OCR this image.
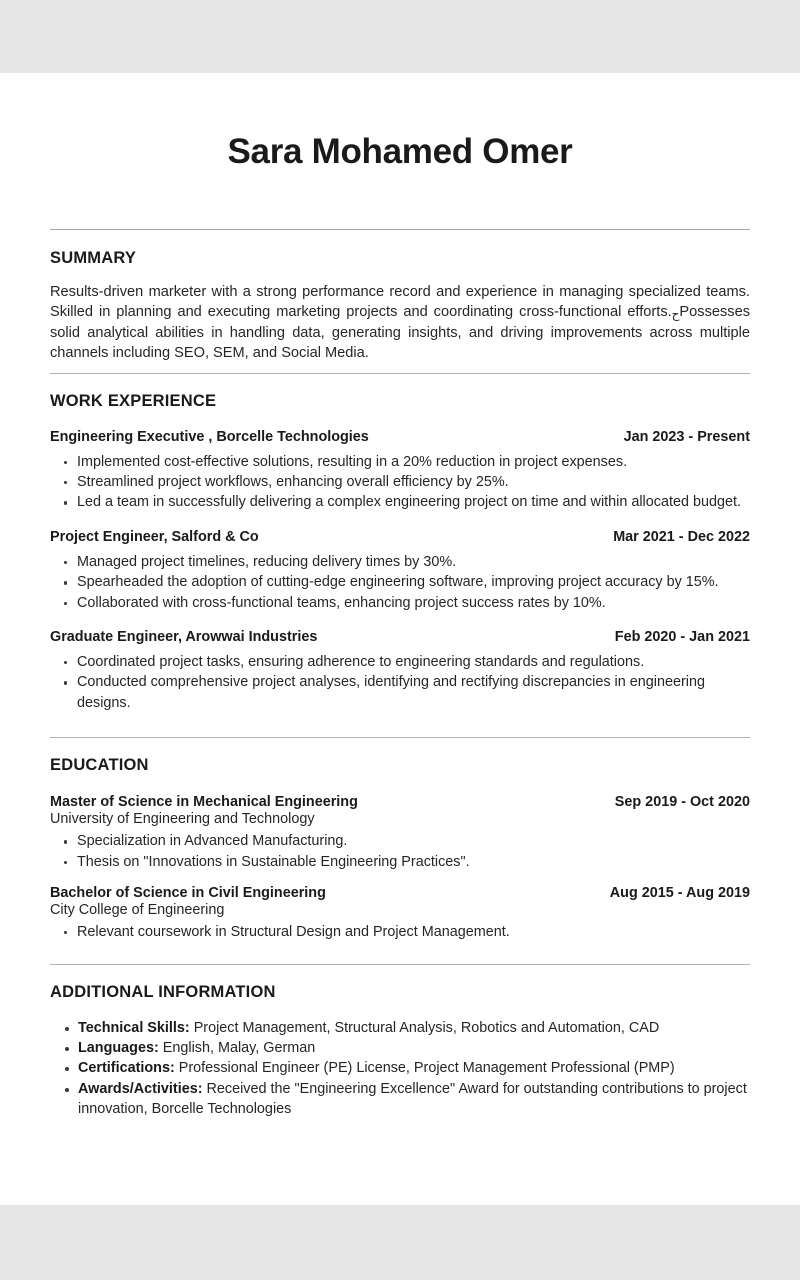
Sara Mohamed Omer
SUMMARY
Results-driven marketer with a strong performance record and experience in managing specialized teams. Skilled in planning and executing marketing projects and coordinating cross-functional efforts.حPossesses solid analytical abilities in handling data, generating insights, and driving improvements across multiple channels including SEO, SEM, and Social Media.
WORK EXPERIENCE
Engineering Executive , Borcelle Technologies	Jan 2023 - Present
Implemented cost-effective solutions, resulting in a 20% reduction in project expenses.
Streamlined project workflows, enhancing overall efficiency by 25%.
Led a team in successfully delivering a complex engineering project on time and within allocated budget.
Project Engineer, Salford & Co	Mar 2021 - Dec 2022
Managed project timelines, reducing delivery times by 30%.
Spearheaded the adoption of cutting-edge engineering software, improving project accuracy by 15%.
Collaborated with cross-functional teams, enhancing project success rates by 10%.
Graduate Engineer, Arowwai Industries	Feb 2020 - Jan 2021
Coordinated project tasks, ensuring adherence to engineering standards and regulations.
Conducted comprehensive project analyses, identifying and rectifying discrepancies in engineering designs.
EDUCATION
Master of Science in Mechanical Engineering	Sep 2019 - Oct 2020
University of Engineering and Technology
Specialization in Advanced Manufacturing.
Thesis on "Innovations in Sustainable Engineering Practices".
Bachelor of Science in Civil Engineering	Aug 2015 - Aug 2019
City College of Engineering
Relevant coursework in Structural Design and Project Management.
ADDITIONAL INFORMATION
Technical Skills: Project Management, Structural Analysis, Robotics and Automation, CAD
Languages: English, Malay, German
Certifications: Professional Engineer (PE) License, Project Management Professional (PMP)
Awards/Activities: Received the "Engineering Excellence" Award for outstanding contributions to project innovation, Borcelle Technologies
